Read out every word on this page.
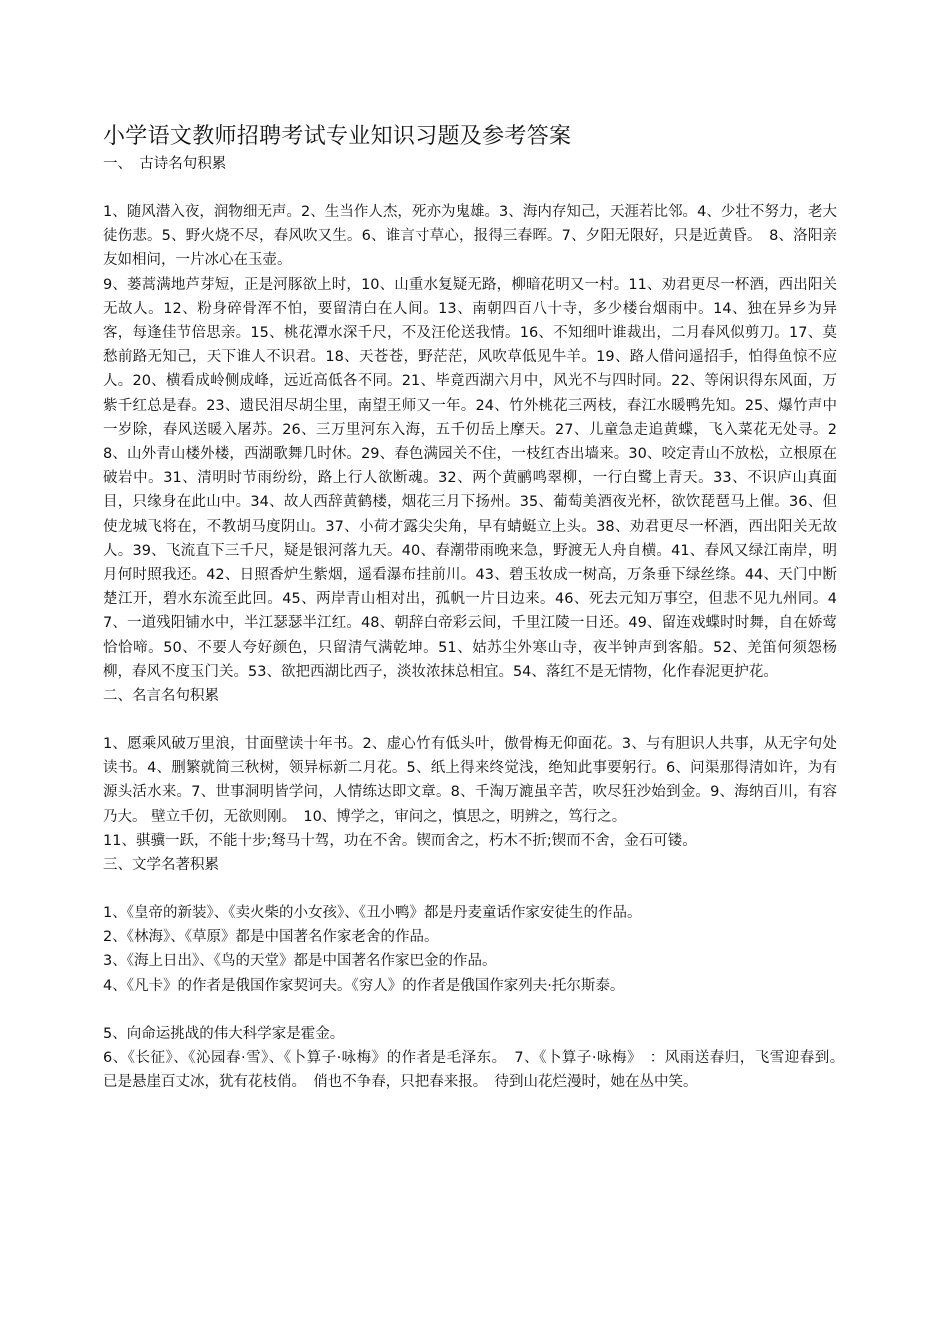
小学语文教师招聘考试专业知识习题及参考答案

一、　古诗名句积累

1、随风潜入夜，润物细无声。2、生当作人杰，死亦为鬼雄。3、海内存知己，天涯若比邻。4、少壮不努力，老大徒伤悲。5、野火烧不尽，春风吹又生。6、谁言寸草心，报得三春晖。7、夕阳无限好，只是近黄昏。　8、洛阳亲友如相问，一片冰心在玉壶。

9、蒌蒿满地芦芽短，正是河豚欲上时，10、山重水复疑无路，柳暗花明又一村。11、劝君更尽一杯酒，西出阳关无故人。12、粉身碎骨浑不怕，要留清白在人间。13、南朝四百八十寺，多少楼台烟雨中。14、独在异乡为异客，每逢佳节倍思亲。15、桃花潭水深千尺，不及汪伦送我情。16、不知细叶谁裁出，二月春风似剪刀。17、莫愁前路无知己，天下谁人不识君。18、天苍苍，野茫茫，风吹草低见牛羊。19、路人借问遥招手，怕得鱼惊不应人。20、横看成岭侧成峰，远近高低各不同。21、毕竟西湖六月中，风光不与四时同。22、等闲识得东风面，万紫千红总是春。23、遗民泪尽胡尘里，南望王师又一年。24、竹外桃花三两枝，春江水暖鸭先知。25、爆竹声中一岁除，春风送暖入屠苏。26、三万里河东入海，五千仞岳上摩天。27、儿童急走追黄蝶，飞入菜花无处寻。28、山外青山楼外楼，西湖歌舞几时休。29、春色满园关不住，一枝红杏出墙来。30、咬定青山不放松，立根原在破岩中。31、清明时节雨纷纷，路上行人欲断魂。32、两个黄鹂鸣翠柳，一行白鹭上青天。33、不识庐山真面目，只缘身在此山中。34、故人西辞黄鹤楼，烟花三月下扬州。35、葡萄美酒夜光杯，欲饮琵琶马上催。36、但使龙城飞将在，不教胡马度阴山。37、小荷才露尖尖角，早有蜻蜓立上头。38、劝君更尽一杯酒，西出阳关无故人。39、飞流直下三千尺，疑是银河落九天。40、春潮带雨晚来急，野渡无人舟自横。41、春风又绿江南岸，明月何时照我还。42、日照香炉生紫烟，遥看瀑布挂前川。43、碧玉妆成一树高，万条垂下绿丝绦。44、天门中断楚江开，碧水东流至此回。45、两岸青山相对出，孤帆一片日边来。46、死去元知万事空，但悲不见九州同。47、一道残阳铺水中，半江瑟瑟半江红。48、朝辞白帝彩云间，千里江陵一日还。49、留连戏蝶时时舞，自在娇莺恰恰啼。50、不要人夸好颜色，只留清气满乾坤。51、姑苏尘外寒山寺，夜半钟声到客船。52、羌笛何须怨杨柳，春风不度玉门关。53、欲把西湖比西子，淡妆浓抹总相宜。54、落红不是无情物，化作春泥更护花。

二、名言名句积累

1、愿乘风破万里浪，甘面壁读十年书。2、虚心竹有低头叶，傲骨梅无仰面花。3、与有胆识人共事，从无字句处读书。4、删繁就简三秋树，领异标新二月花。5、纸上得来终觉浅，绝知此事要躬行。6、问渠那得清如许，为有源头活水来。7、世事洞明皆学问，人情练达即文章。8、千淘万漉虽辛苦，吹尽狂沙始到金。9、海纳百川，有容乃大。 壁立千仞，无欲则刚。　10、博学之，审问之，慎思之，明辨之，笃行之。

11、骐骥一跃，不能十步;驽马十驾，功在不舍。锲而舍之，朽木不折;锲而不舍，金石可镂。

三、文学名著积累

1、《皇帝的新装》、《卖火柴的小女孩》、《丑小鸭》都是丹麦童话作家安徒生的作品。

2、《林海》、《草原》都是中国著名作家老舍的作品。

3、《海上日出》、《鸟的天堂》都是中国著名作家巴金的作品。

4、《凡卡》的作者是俄国作家契诃夫。《穷人》的作者是俄国作家列夫·托尔斯泰。

5、向命运挑战的伟大科学家是霍金。

6、《长征》、《沁园春·雪》、《卜算子·咏梅》的作者是毛泽东。　7、《卜算子·咏梅》　：风雨送春归，飞雪迎春到。　已是悬崖百丈冰，犹有花枝俏。　俏也不争春，只把春来报。　待到山花烂漫时，她在丛中笑。
